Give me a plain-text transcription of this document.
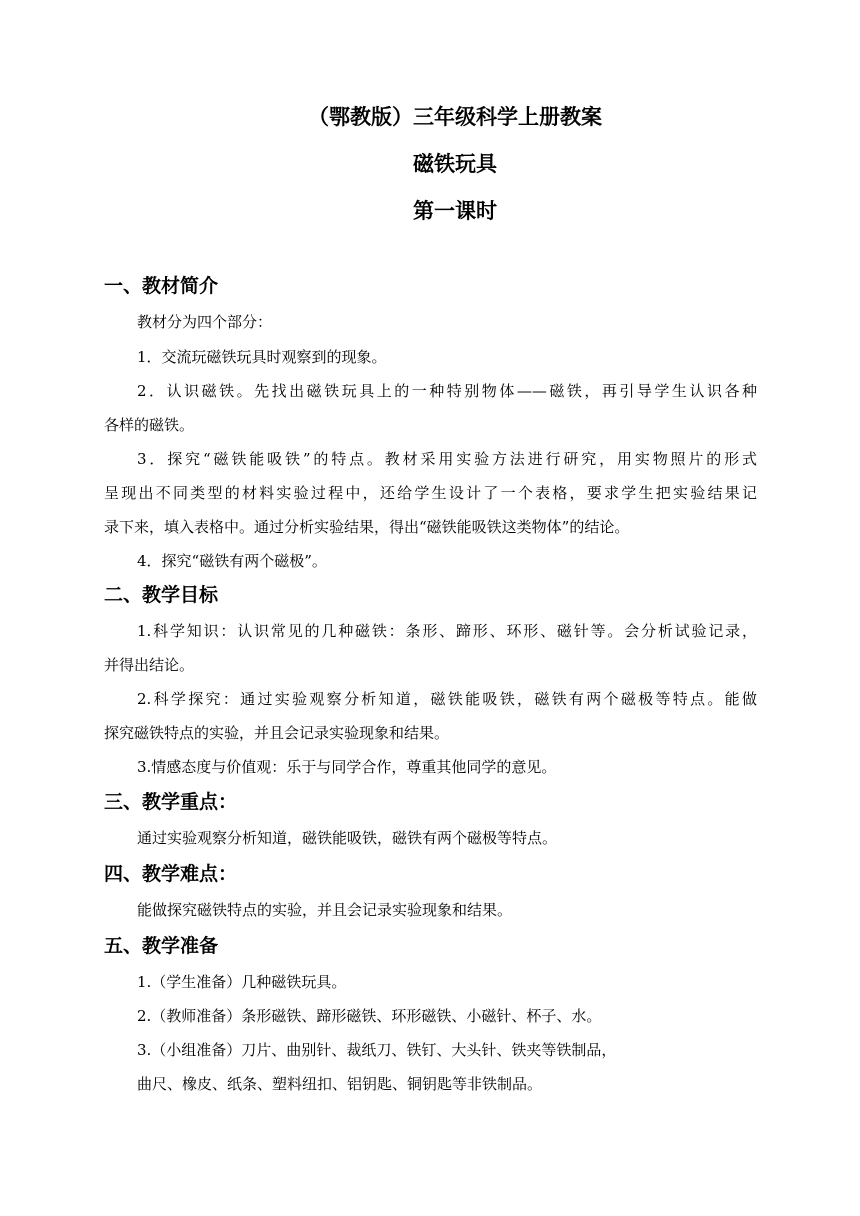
（鄂教版）三年级科学上册教案
磁铁玩具
第一课时
一、教材简介
教材分为四个部分：
1．交流玩磁铁玩具时观察到的现象。
2．认识磁铁。先找出磁铁玩具上的一种特别物体——磁铁，再引导学生认识各种
各样的磁铁。
3．探究“磁铁能吸铁”的特点。教材采用实验方法进行研究，用实物照片的形式
呈现出不同类型的材料实验过程中，还给学生设计了一个表格，要求学生把实验结果记
录下来，填入表格中。通过分析实验结果，得出“磁铁能吸铁这类物体”的结论。
4．探究“磁铁有两个磁极”。
二、教学目标
1.科学知识：认识常见的几种磁铁：条形、蹄形、环形、磁针等。会分析试验记录，
并得出结论。
2.科学探究：通过实验观察分析知道，磁铁能吸铁，磁铁有两个磁极等特点。能做
探究磁铁特点的实验，并且会记录实验现象和结果。
3.情感态度与价值观：乐于与同学合作，尊重其他同学的意见。
三、教学重点：
通过实验观察分析知道，磁铁能吸铁，磁铁有两个磁极等特点。
四、教学难点：
能做探究磁铁特点的实验，并且会记录实验现象和结果。
五、教学准备
1.（学生准备）几种磁铁玩具。
2.（教师准备）条形磁铁、蹄形磁铁、环形磁铁、小磁针、杯子、水。
3.（小组准备）刀片、曲别针、裁纸刀、铁钉、大头针、铁夹等铁制品，
曲尺、橡皮、纸条、塑料纽扣、铝钥匙、铜钥匙等非铁制品。
